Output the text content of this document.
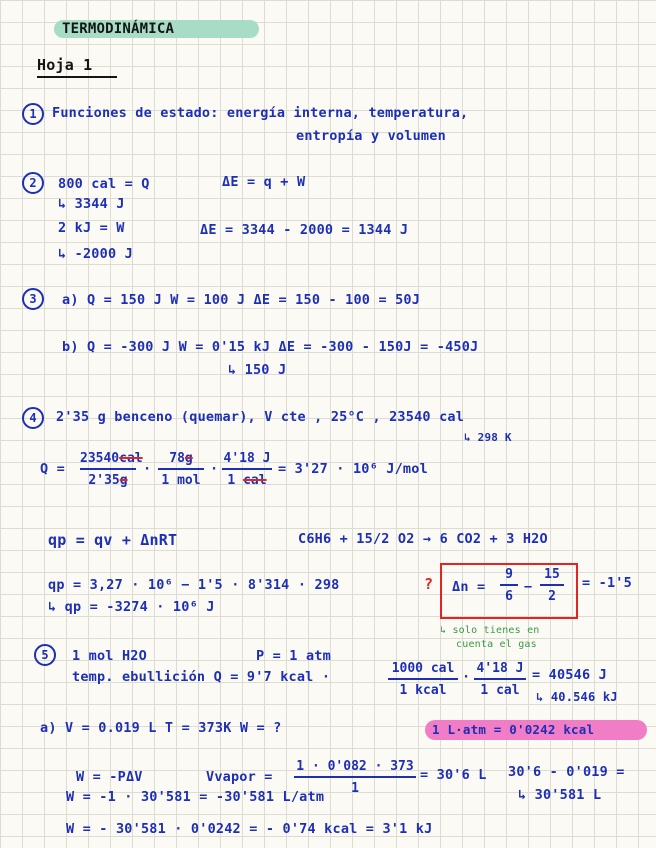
TERMODINÁMICA
Hoja 1
1	Funciones de estado: energía interna, temperatura,
entropía y volumen
2	800 cal = Q	ΔE = q + W
↳ 3344 J
2 kJ = W	ΔE = 3344 - 2000 = 1344 J
↳ -2000 J
3	a) Q = 150 J W = 100 J ΔE = 150 - 100 = 50J
b) Q = -300 J W = 0'15 kJ ΔE = -300 - 150J = -450J
↳ 150 J
4	2'35 g benceno (quemar), V cte , 25°C , 23540 cal
↳ 298 K
Q =
23540cal
2'35g
·
78g
1 mol
·
4'18 J
1 cal
= 3'27 · 10⁶ J/mol
qp = qv + ΔnRT	C6H6 + 15/2 O2 → 6 CO2 + 3 H2O
qp = 3,27 · 10⁶ − 1'5 · 8'314 · 298
↳ qp = -3274 · 10⁶ J
? $\Delta n = \frac{9}{6} - \frac{15}{2} = -1'5$
↳ solo tienes en
cuenta el gas
5	1 mol H2O	P = 1 atm
temp. ebullición Q = 9'7 kcal ·
1000 cal
1 kcal
·
4'18 J
1 cal
= 40546 J
↳ 40.546 kJ
a) V = 0.019 L T = 373K W = ?	1 L·atm = 0'0242 kcal
W = -PΔV	Vvapor = $\frac{1 \cdot 0'082 \cdot 373}{1} = 30'6$ L 30'6 - 0'019 =
↳ 30'581 L
W = -1 · 30'581 = -30'581 L/atm
W = - 30'581 · 0'0242 = - 0'74 kcal = 3'1 kJ
